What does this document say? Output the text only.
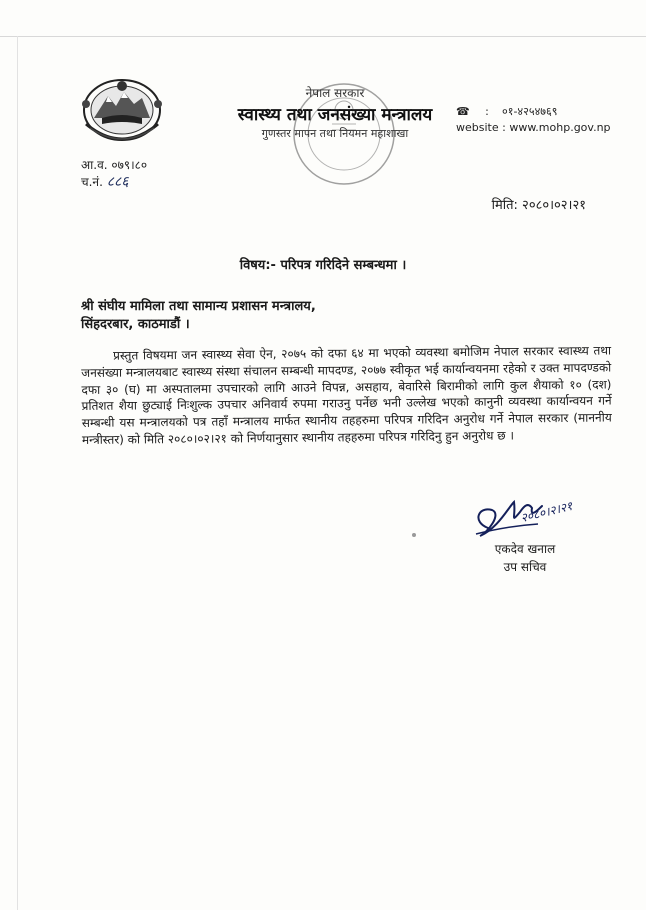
नेपाल सरकार
स्वास्थ्य तथा जनसंख्या मन्त्रालय
गुणस्तर मापन तथा नियमन महाशाखा
☎ : ०१-४२५४७६९
website : www.mohp.gov.np
आ.व. ०७९।८०
च.नं. ८८६
मिति: २०८०।०२।२१
विषय:- परिपत्र गरिदिने सम्बन्धमा ।
श्री संघीय मामिला तथा सामान्य प्रशासन मन्त्रालय,
सिंहदरबार, काठमाडौं ।
प्रस्तुत विषयमा जन स्वास्थ्य सेवा ऐन, २०७५ को दफा ६४ मा भएको व्यवस्था बमोजिम नेपाल सरकार स्वास्थ्य तथा जनसंख्या मन्त्रालयबाट स्वास्थ्य संस्था संचालन सम्बन्धी मापदण्ड, २०७७ स्वीकृत भई कार्यान्वयनमा रहेको र उक्त मापदण्डको दफा ३० (घ) मा अस्पतालमा उपचारको लागि आउने विपन्न, असहाय, बेवारिसे बिरामीको लागि कुल शैयाको १० (दश) प्रतिशत शैया छुट्याई निःशुल्क उपचार अनिवार्य रुपमा गराउनु पर्नेछ भनी उल्लेख भएको कानुनी व्यवस्था कार्यान्वयन गर्ने सम्बन्धी यस मन्त्रालयको पत्र तहाँ मन्त्रालय मार्फत स्थानीय तहहरुमा परिपत्र गरिदिन अनुरोध गर्ने नेपाल सरकार (माननीय मन्त्रीस्तर) को मिति २०८०।०२।२१ को निर्णयानुसार स्थानीय तहहरुमा परिपत्र गरिदिनु हुन अनुरोध छ ।
२०८०।२।२१
एकदेव खनाल
उप सचिव
